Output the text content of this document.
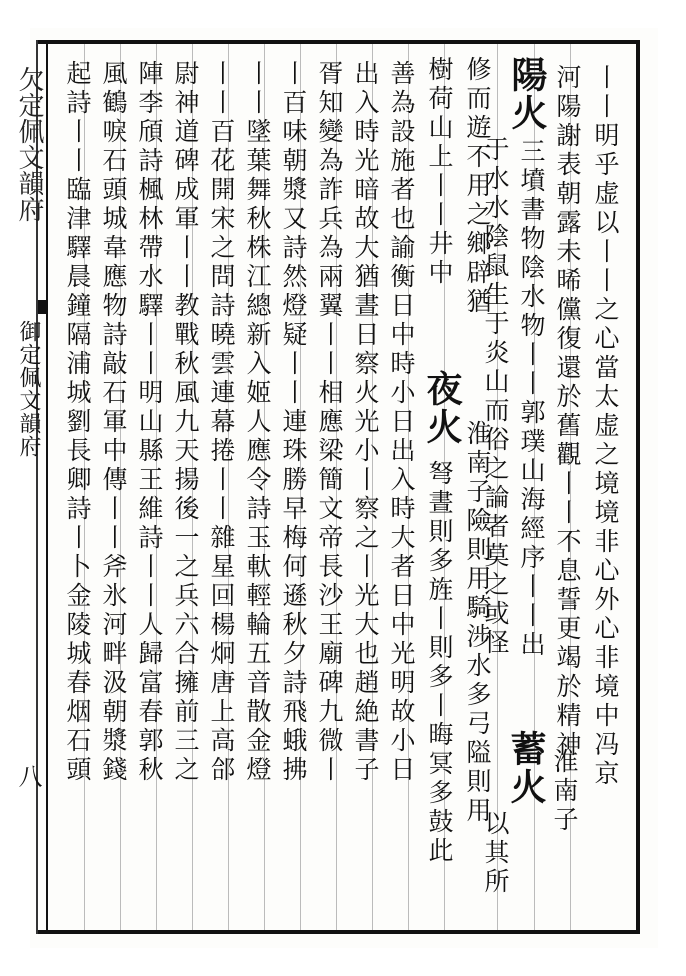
欠定佩文韻府
御定佩文韻府
八	丨丨明乎虚以丨丨之心當太虚之境境非心外心非境中冯京
河陽謝表朝露未晞儻復還於舊觀丨丨不息誓更竭於精神
陽火
三墳書物陰水物丨丨郭璞山海經序丨丨出
于水水陰鼠生于炎山而俗之論者莫之或怪
修而遊不用之鄉辟猶
樹荷山上丨丨井中
夜火
淮南子險則用騎涉水多弓隘則用
弩晝則多旌丨則多丨晦冥多鼓此 蓄火 淮南子
以其所
善為設施者也諭衡日中時小日出入時大者日中光明故小日
出入時光暗故大猶晝日察火光小丨察之丨光大也趙絶書子
胥知變為詐兵為兩翼丨丨相應梁簡文帝長沙王廟碑九微丨
丨百味朝漿又詩然燈疑丨丨連珠勝早梅何遜秋夕詩飛蛾拂
丨丨墜葉舞秋株江總新入姬人應令詩玉軑輕輪五音散金燈
丨丨百花開宋之問詩曉雲連幕捲丨丨雜星回楊炯唐上高郃
尉神道碑成軍丨丨教戰秋風九天揚後一之兵六合擁前三之
陣李頎詩楓林帶水驛丨丨明山縣王維詩丨丨人歸富春郭秋
風鶴唳石頭城韋應物詩敲石軍中傳丨丨斧氷河畔汲朝漿錢
起詩丨丨臨津驛晨鐘隔浦城劉長卿詩丨卜金陵城春烟石頭
